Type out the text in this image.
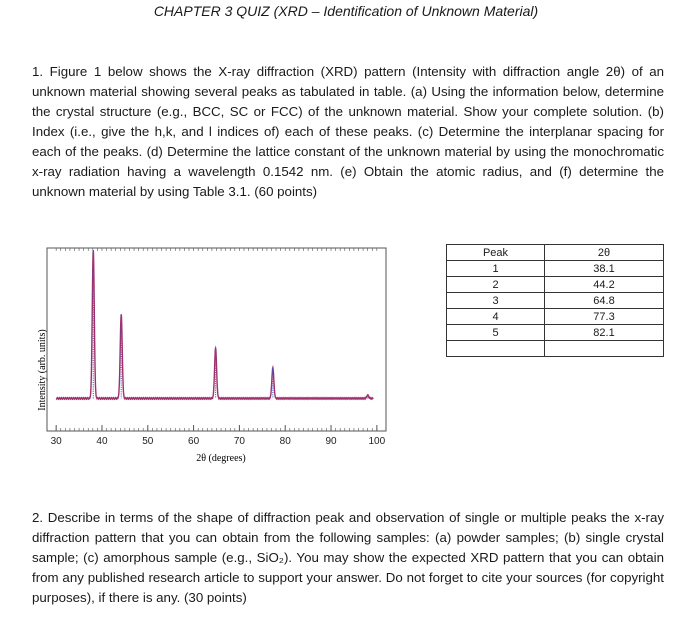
CHAPTER 3 QUIZ (XRD – Identification of Unknown Material)

1. Figure 1 below shows the X-ray diffraction (XRD) pattern (Intensity with diffraction angle 2θ) of an unknown material showing several peaks as tabulated in table. (a) Using the information below, determine the crystal structure (e.g., BCC, SC or FCC) of the unknown material. Show your complete solution. (b) Index (i.e., give the h,k, and l indices of) each of these peaks. (c) Determine the interplanar spacing for each of the peaks. (d) Determine the lattice constant of the unknown material by using the monochromatic x-ray radiation having a wavelength 0.1542 nm. (e) Obtain the atomic radius, and (f) determine the unknown material by using Table 3.1. (60 points)

30	40	50	60	70	80	90	100
2θ (degrees)
Intensity (arb. units)
Peak	2θ
1	38.1
2	44.2
3	64.8
4	77.3
5	82.1

2. Describe in terms of the shape of diffraction peak and observation of single or multiple peaks the x-ray diffraction pattern that you can obtain from the following samples: (a) powder samples; (b) single crystal sample; (c) amorphous sample (e.g., SiO₂). You may show the expected XRD pattern that you can obtain from any published research article to support your answer. Do not forget to cite your sources (for copyright purposes), if there is any. (30 points)
